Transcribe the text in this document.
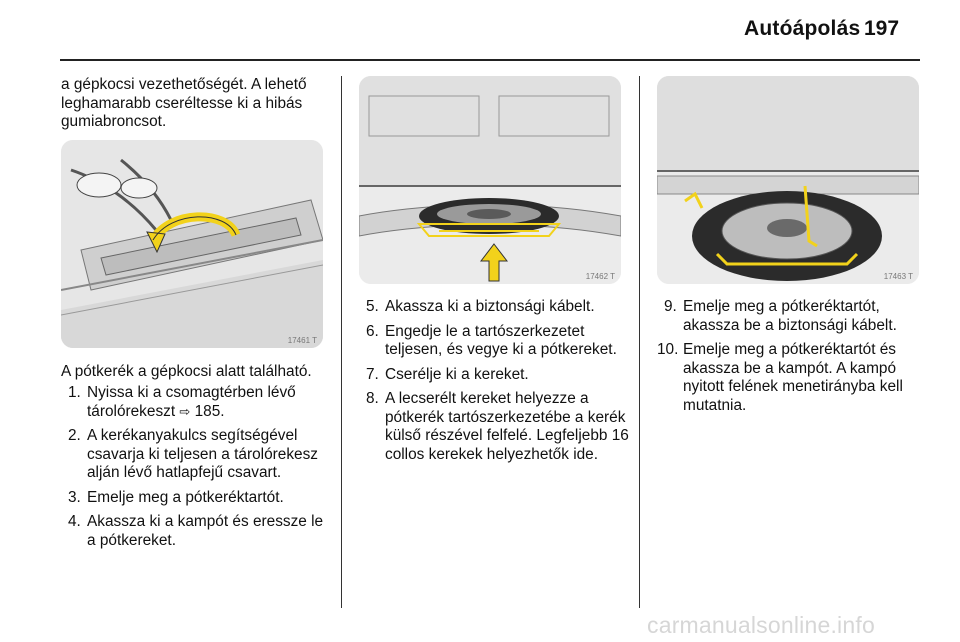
Autóápolás 197
a gépkocsi vezethetőségét. A lehető leghamarabb cseréltesse ki a hibás gumiabroncsot.
17461 T
A pótkerék a gépkocsi alatt található.
1. Nyissa ki a csomagtérben lévő tárolórekeszt ⇨ 185.
2. A kerékanyakulcs segítségével csavarja ki teljesen a tárolórekesz alján lévő hatlapfejű csavart.
3. Emelje meg a pótkeréktartót.
4. Akassza ki a kampót és eressze le a pótkereket.
17462 T
5. Akassza ki a biztonsági kábelt.
6. Engedje le a tartószerkezetet teljesen, és vegye ki a pótkereket.
7. Cserélje ki a kereket.
8. A lecserélt kereket helyezze a pótkerék tartószerkezetébe a kerék külső részével felfelé. Legfeljebb 16 collos kerekek helyezhetők ide.
17463 T
9. Emelje meg a pótkeréktartót, akassza be a biztonsági kábelt.
10. Emelje meg a pótkeréktartót és akassza be a kampót. A kampó nyitott felének menetirányba kell mutatnia.
carmanualsonline.info
